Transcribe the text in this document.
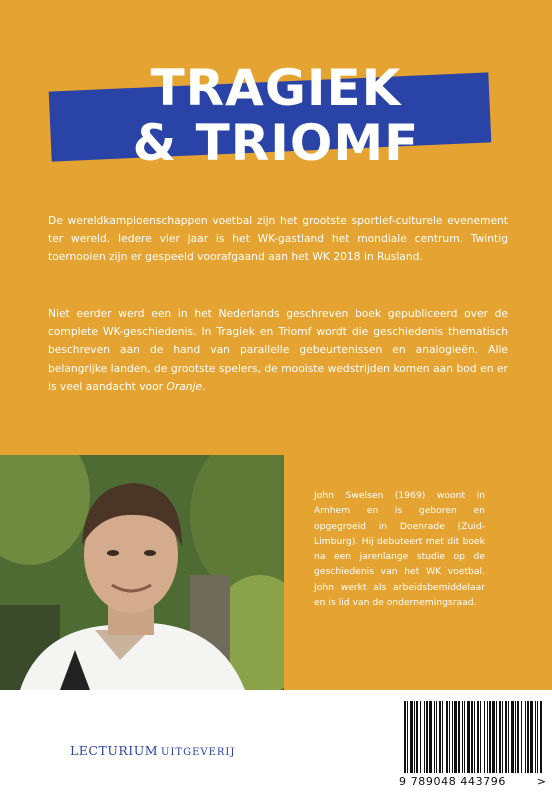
TRAGIEK
& TRIOMF
De wereldkampioenschappen voetbal zijn het grootste sportief-culturele evenement ter wereld. Iedere vier jaar is het WK-gastland het mondiale centrum. Twintig toernooien zijn er gespeeld voorafgaand aan het WK 2018 in Rusland.
Niet eerder werd een in het Nederlands geschreven boek gepubliceerd over de complete WK-geschiedenis. In Tragiek en Triomf wordt die geschiedenis thematisch beschreven aan de hand van parallelle gebeurtenissen en analogieën. Alle belangrijke landen, de grootste spelers, de mooiste wedstrijden komen aan bod en er is veel aandacht voor Oranje.
John Swelsen (1969) woont in Arnhem en is geboren en opgegroeid in Doenrade (Zuid-Limburg). Hij debuteert met dit boek na een jarenlange studie op de geschiedenis van het WK voetbal. John werkt als arbeidsbemiddelaar en is lid van de ondernemingsraad.
LECTURIUM UITGEVERIJ
9 789048 443796	>
